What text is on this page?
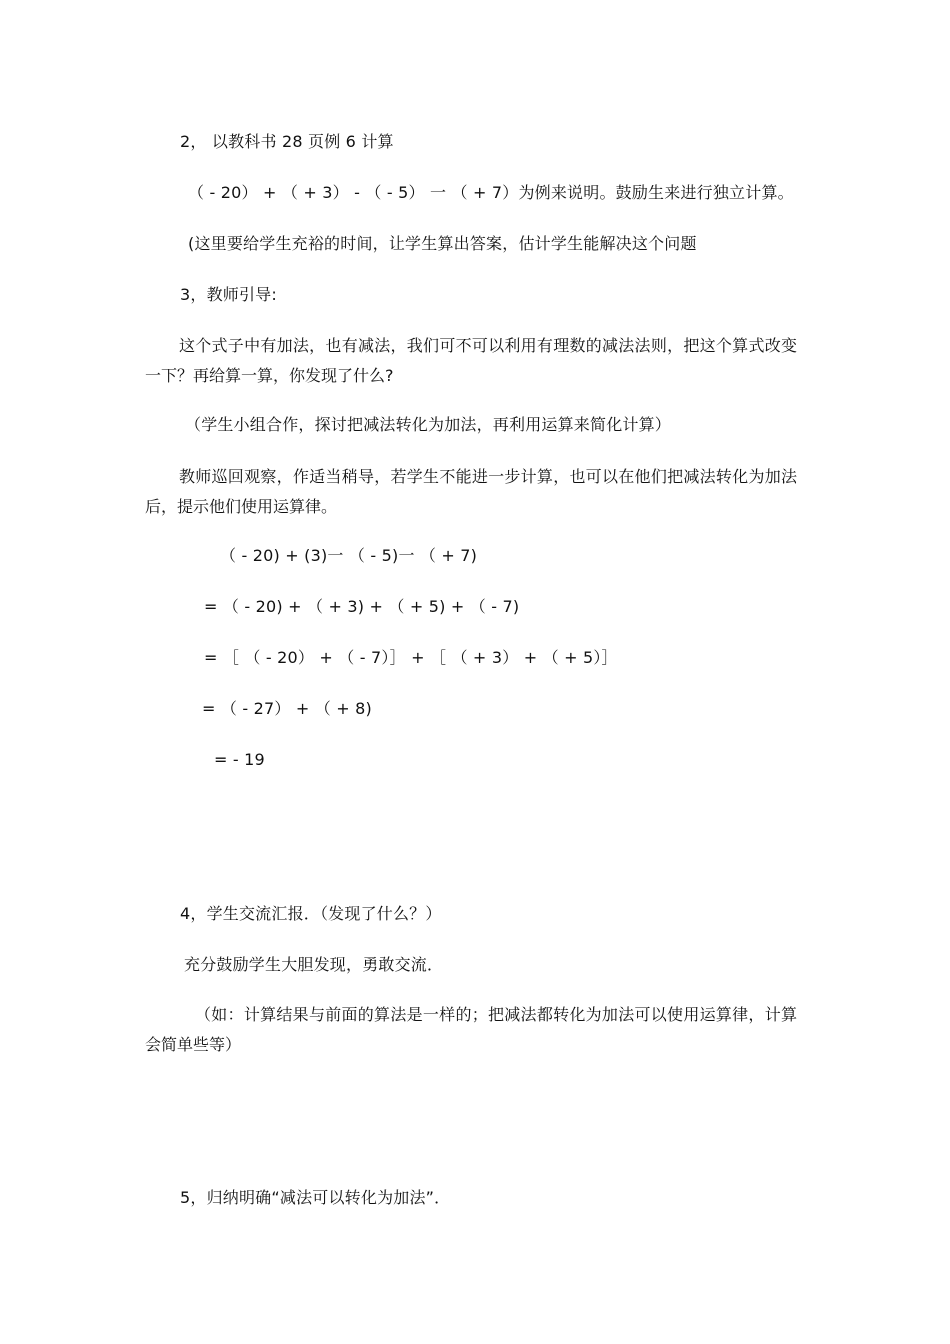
2， 以教科书 28 页例 6 计算
（ - 20） + （ + 3） - （ - 5） 一 （ + 7）为例来说明。鼓励生来进行独立计算。
(这里要给学生充裕的时间，让学生算出答案，估计学生能解决这个问题
3，教师引导:
这个式子中有加法，也有减法，我们可不可以利用有理数的减法法则，把这个算式改变一下？再给算一算，你发现了什么?
（学生小组合作，探讨把减法转化为加法，再利用运算来简化计算）
教师巡回观察，作适当稍导，若学生不能进一步计算，也可以在他们把减法转化为加法后，提示他们使用运算律。
（ - 20) + (3)一 （ - 5)一 （ + 7)
= （ - 20) + （ + 3) + （ + 5) + （ - 7)
= ［ （ - 20） + （ - 7）］ + ［ （ + 3） + （ + 5）］
= （ - 27） + （ + 8)
= - 19
4，学生交流汇报．（发现了什么？）
充分鼓励学生大胆发现，勇敢交流．
（如：计算结果与前面的算法是一样的；把减法都转化为加法可以使用运算律，计算会简单些等）
5，归纳明确“减法可以转化为加法”．
